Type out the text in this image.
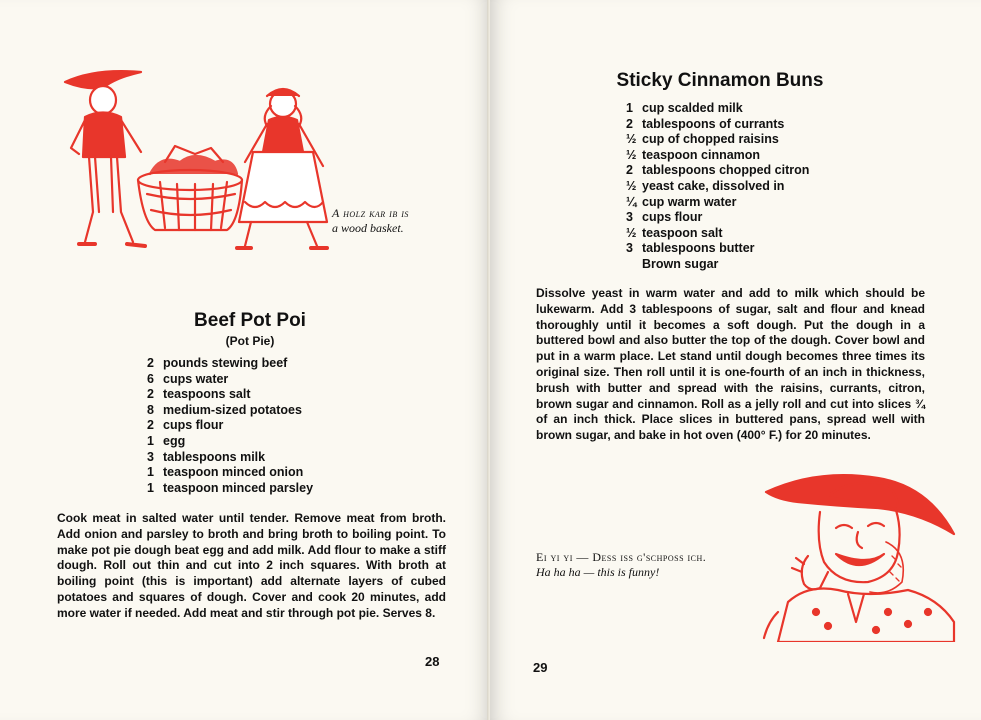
A holz kar ib is
a wood basket.
Beef Pot Poi
(Pot Pie)
2 pounds stewing beef
6 cups water
2 teaspoons salt
8 medium-sized potatoes
2 cups flour
1 egg
3 tablespoons milk
1 teaspoon minced onion
1 teaspoon minced parsley
Cook meat in salted water until tender. Remove meat from broth. Add onion and parsley to broth and bring broth to boiling point. To make pot pie dough beat egg and add milk. Add flour to make a stiff dough. Roll out thin and cut into 2 inch squares. With broth at boiling point (this is important) add alternate layers of cubed potatoes and squares of dough. Cover and cook 20 minutes, add more water if needed. Add meat and stir through pot pie. Serves 8.
28
Sticky Cinnamon Buns
1 cup scalded milk
2 tablespoons of currants
½ cup of chopped raisins
½ teaspoon cinnamon
2 tablespoons chopped citron
½ yeast cake, dissolved in
¼ cup warm water
3 cups flour
½ teaspoon salt
3 tablespoons butter
Brown sugar
Dissolve yeast in warm water and add to milk which should be lukewarm. Add 3 tablespoons of sugar, salt and flour and knead thoroughly until it becomes a soft dough. Put the dough in a buttered bowl and also butter the top of the dough. Cover bowl and put in a warm place. Let stand until dough becomes three times its original size. Then roll until it is one-fourth of an inch in thickness, brush with butter and spread with the raisins, currants, citron, brown sugar and cinnamon. Roll as a jelly roll and cut into slices ¾ of an inch thick. Place slices in buttered pans, spread well with brown sugar, and bake in hot oven (400° F.) for 20 minutes.
Ei yi yi — Dess iss g'schposs ich.
Ha ha ha — this is funny!
29
